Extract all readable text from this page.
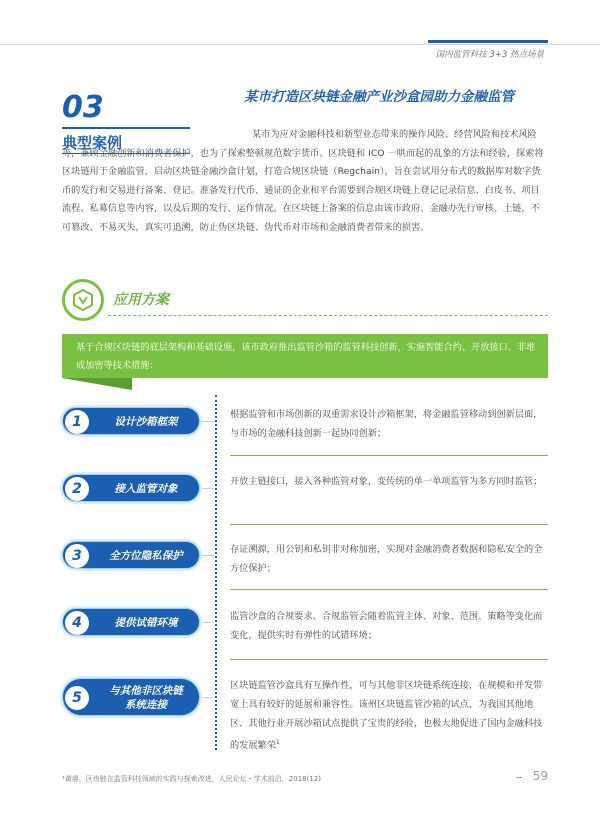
国内监管科技 3+3 热点场景
03
典型案例
某市打造区块链金融产业沙盒园助力金融监管
某市为应对金融科技和新型业态带来的操作风险、经营风险和技术风险等，兼顾金融创新和消费者保护，也为了探索整顿规范数字货币、区块链和 ICO 一哄而起的乱象的方法和经验，探索将区块链用于金融监管，启动区块链金融沙盒计划，打造合规区块链（Regchain），旨在尝试用分布式的数据库对数字货币的发行和交易进行备案、登记。准备发行代币、通证的企业和平台需要到合规区块链上登记记录信息、白皮书、项目流程、私募信息等内容，以及后期的发行、运作情况。在区块链上备案的信息由该市政府、金融办先行审核、上链，不可篡改、不易灭失，真实可追溯，防止伪区块链、伪代币对市场和金融消费者带来的损害。
应用方案
基于合规区块链的底层架构和基础设施，该市政府推出监管沙箱的监管科技创新，实施智能合约、开放接口、非堆成加密等技术措施：
1	设计沙箱框架
根据监管和市场创新的双重需求设计沙箱框架，将金融监管移动到创新层面，与市场的金融科技创新一起协同创新；
2	接入监管对象
开放主链接口，接入各种监管对象，变传统的单一单项监管为多方同时监管；
3	全方位隐私保护
存证溯源，用公钥和私钥非对称加密，实现对金融消费者数据和隐私安全的全方位保护；
4	提供试错环境
监管沙盒的合规要求、合规监管会随着监管主体、对象、范围、策略等变化而变化，提供实时有弹性的试错环境；
5	与其他非区块链
系统连接
区块链监管沙盒具有互操作性，可与其他非区块链系统连接，在规模和并发带宽上具有较好的延展和兼容性。该州区块链监管沙箱的试点，为我国其他地区、其他行业开展沙箱试点提供了宝贵的经验，也极大地促进了国内金融科技的发展繁荣$^1$
¹黄震，区块链在监管科技领域的实践与探索改进，人民论坛・学术前沿，2018(12)	59
